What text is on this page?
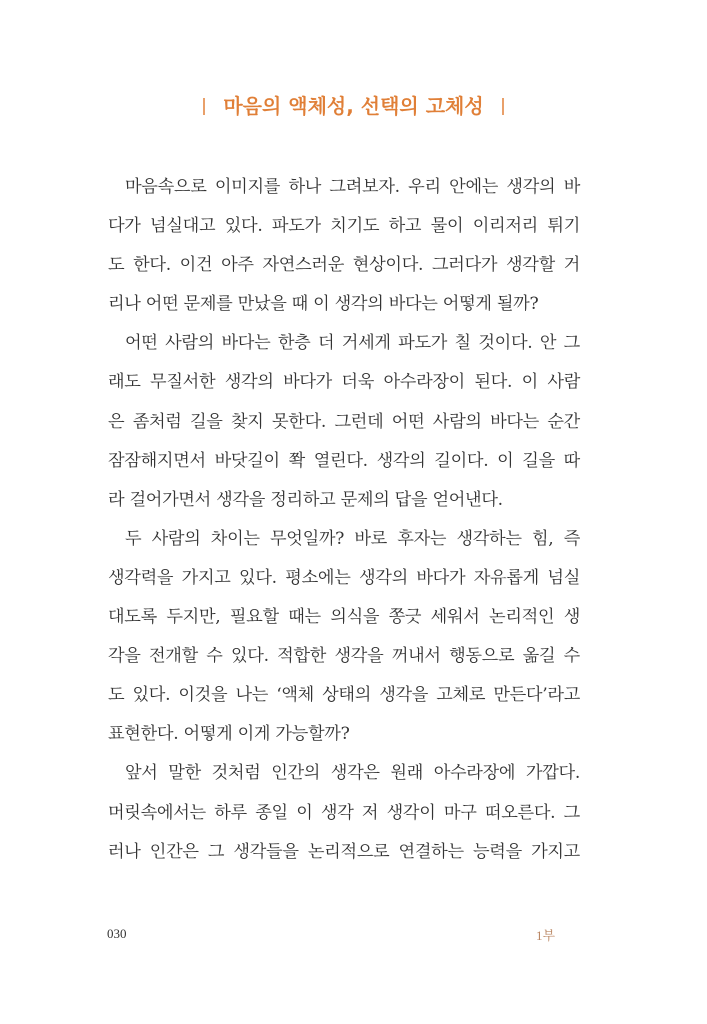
마음의 액체성, 선택의 고체성
마음속으로 이미지를 하나 그려보자. 우리 안에는 생각의 바
다가 넘실대고 있다. 파도가 치기도 하고 물이 이리저리 튀기
도 한다. 이건 아주 자연스러운 현상이다. 그러다가 생각할 거
리나 어떤 문제를 만났을 때 이 생각의 바다는 어떻게 될까?
어떤 사람의 바다는 한층 더 거세게 파도가 칠 것이다. 안 그
래도 무질서한 생각의 바다가 더욱 아수라장이 된다. 이 사람
은 좀처럼 길을 찾지 못한다. 그런데 어떤 사람의 바다는 순간
잠잠해지면서 바닷길이 쫙 열린다. 생각의 길이다. 이 길을 따
라 걸어가면서 생각을 정리하고 문제의 답을 얻어낸다.
두 사람의 차이는 무엇일까? 바로 후자는 생각하는 힘, 즉
생각력을 가지고 있다. 평소에는 생각의 바다가 자유롭게 넘실
대도록 두지만, 필요할 때는 의식을 쫑긋 세워서 논리적인 생
각을 전개할 수 있다. 적합한 생각을 꺼내서 행동으로 옮길 수
도 있다. 이것을 나는 ‘액체 상태의 생각을 고체로 만든다’라고
표현한다. 어떻게 이게 가능할까?
앞서 말한 것처럼 인간의 생각은 원래 아수라장에 가깝다.
머릿속에서는 하루 종일 이 생각 저 생각이 마구 떠오른다. 그
러나 인간은 그 생각들을 논리적으로 연결하는 능력을 가지고
030	1부
